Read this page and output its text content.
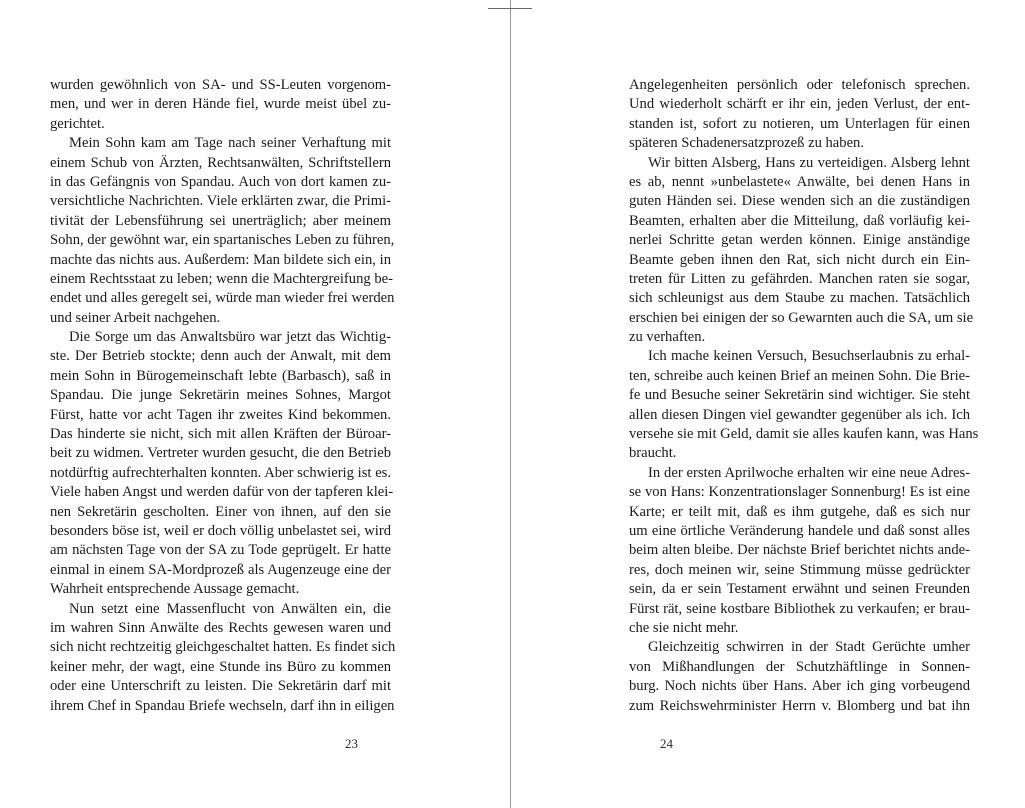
wurden gewöhnlich von SA- und SS-Leuten vorgenom-
men, und wer in deren Hände fiel, wurde meist übel zu-
gerichtet.
Mein Sohn kam am Tage nach seiner Verhaftung mit
einem Schub von Ärzten, Rechtsanwälten, Schriftstellern
in das Gefängnis von Spandau. Auch von dort kamen zu-
versichtliche Nachrichten. Viele erklärten zwar, die Primi-
tivität der Lebensführung sei unerträglich; aber meinem
Sohn, der gewöhnt war, ein spartanisches Leben zu führen,
machte das nichts aus. Außerdem: Man bildete sich ein, in
einem Rechtsstaat zu leben; wenn die Machtergreifung be-
endet und alles geregelt sei, würde man wieder frei werden
und seiner Arbeit nachgehen.
Die Sorge um das Anwaltsbüro war jetzt das Wichtig-
ste. Der Betrieb stockte; denn auch der Anwalt, mit dem
mein Sohn in Bürogemeinschaft lebte (Barbasch), saß in
Spandau. Die junge Sekretärin meines Sohnes, Margot
Fürst, hatte vor acht Tagen ihr zweites Kind bekommen.
Das hinderte sie nicht, sich mit allen Kräften der Büroar-
beit zu widmen. Vertreter wurden gesucht, die den Betrieb
notdürftig aufrechterhalten konnten. Aber schwierig ist es.
Viele haben Angst und werden dafür von der tapferen klei-
nen Sekretärin gescholten. Einer von ihnen, auf den sie
besonders böse ist, weil er doch völlig unbelastet sei, wird
am nächsten Tage von der SA zu Tode geprügelt. Er hatte
einmal in einem SA-Mordprozeß als Augenzeuge eine der
Wahrheit entsprechende Aussage gemacht.
Nun setzt eine Massenflucht von Anwälten ein, die
im wahren Sinn Anwälte des Rechts gewesen waren und
sich nicht rechtzeitig gleichgeschaltet hatten. Es findet sich
keiner mehr, der wagt, eine Stunde ins Büro zu kommen
oder eine Unterschrift zu leisten. Die Sekretärin darf mit
ihrem Chef in Spandau Briefe wechseln, darf ihn in eiligen
Angelegenheiten persönlich oder telefonisch sprechen.
Und wiederholt schärft er ihr ein, jeden Verlust, der ent-
standen ist, sofort zu notieren, um Unterlagen für einen
späteren Schadenersatzprozeß zu haben.
Wir bitten Alsberg, Hans zu verteidigen. Alsberg lehnt
es ab, nennt »unbelastete« Anwälte, bei denen Hans in
guten Händen sei. Diese wenden sich an die zuständigen
Beamten, erhalten aber die Mitteilung, daß vorläufig kei-
nerlei Schritte getan werden können. Einige anständige
Beamte geben ihnen den Rat, sich nicht durch ein Ein-
treten für Litten zu gefährden. Manchen raten sie sogar,
sich schleunigst aus dem Staube zu machen. Tatsächlich
erschien bei einigen der so Gewarnten auch die SA, um sie
zu verhaften.
Ich mache keinen Versuch, Besuchserlaubnis zu erhal-
ten, schreibe auch keinen Brief an meinen Sohn. Die Brie-
fe und Besuche seiner Sekretärin sind wichtiger. Sie steht
allen diesen Dingen viel gewandter gegenüber als ich. Ich
versehe sie mit Geld, damit sie alles kaufen kann, was Hans
braucht.
In der ersten Aprilwoche erhalten wir eine neue Adres-
se von Hans: Konzentrationslager Sonnenburg! Es ist eine
Karte; er teilt mit, daß es ihm gutgehe, daß es sich nur
um eine örtliche Veränderung handele und daß sonst alles
beim alten bleibe. Der nächste Brief berichtet nichts ande-
res, doch meinen wir, seine Stimmung müsse gedrückter
sein, da er sein Testament erwähnt und seinen Freunden
Fürst rät, seine kostbare Bibliothek zu verkaufen; er brau-
che sie nicht mehr.
Gleichzeitig schwirren in der Stadt Gerüchte umher
von Mißhandlungen der Schutzhäftlinge in Sonnen-
burg. Noch nichts über Hans. Aber ich ging vorbeugend
zum Reichswehrminister Herrn v. Blomberg und bat ihn
23	24
